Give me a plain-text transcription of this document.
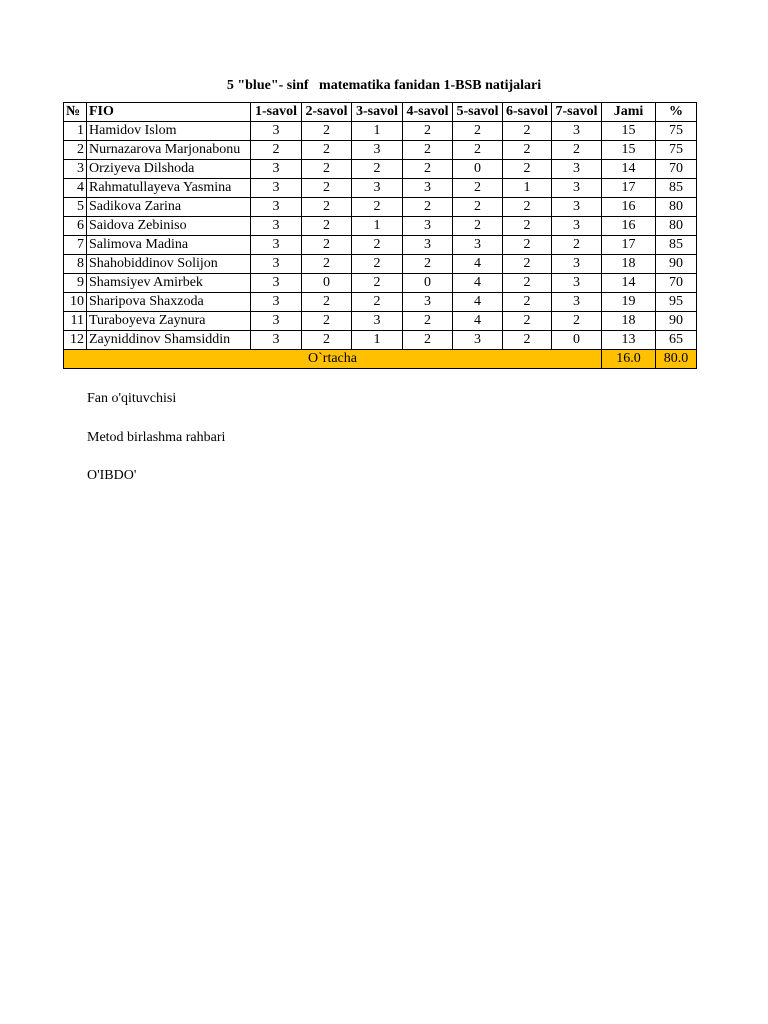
5 "blue"- sinf   matematika fanidan 1-BSB natijalari
№	FIO	1-savol	2-savol	3-savol	4-savol	5-savol	6-savol	7-savol	Jami	%
1	Hamidov Islom	3	2	1	2	2	2	3	15	75
2	Nurnazarova Marjonabonu	2	2	3	2	2	2	2	15	75
3	Orziyeva Dilshoda	3	2	2	2	0	2	3	14	70
4	Rahmatullayeva Yasmina	3	2	3	3	2	1	3	17	85
5	Sadikova Zarina	3	2	2	2	2	2	3	16	80
6	Saidova Zebiniso	3	2	1	3	2	2	3	16	80
7	Salimova Madina	3	2	2	3	3	2	2	17	85
8	Shahobiddinov Solijon	3	2	2	2	4	2	3	18	90
9	Shamsiyev Amirbek	3	0	2	0	4	2	3	14	70
10	Sharipova Shaxzoda	3	2	2	3	4	2	3	19	95
11	Turaboyeva Zaynura	3	2	3	2	4	2	2	18	90
12	Zayniddinov Shamsiddin	3	2	1	2	3	2	0	13	65
O`rtacha									16.0	80.0
Fan o'qituvchisi
Metod birlashma rahbari
O'IBDO'
